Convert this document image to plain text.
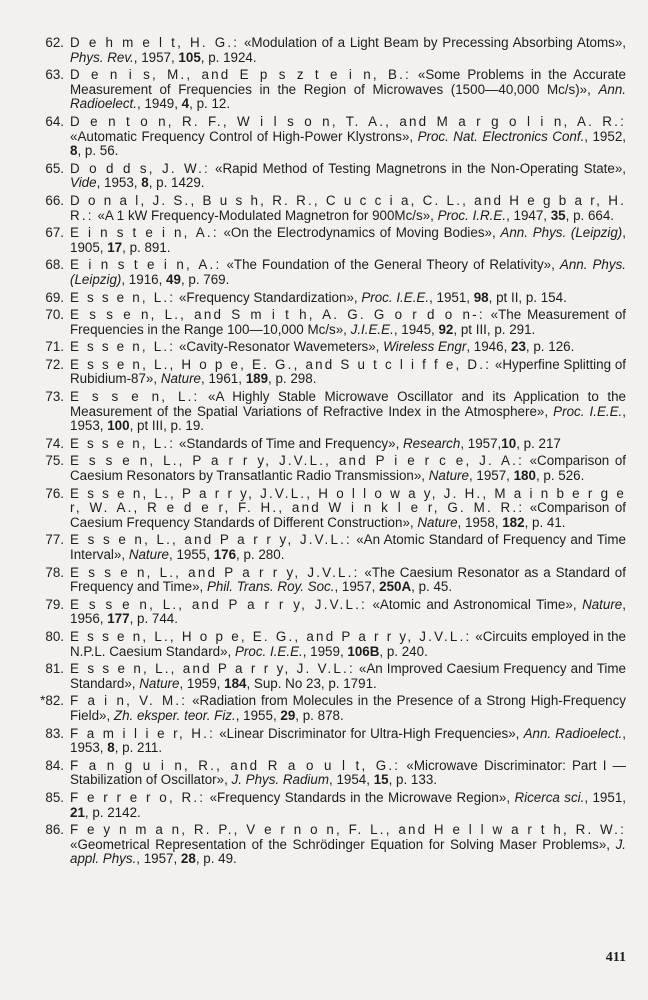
62. D e h m e l t, H. G.: «Modulation of a Light Beam by Precessing Absorbing Atoms», Phys. Rev., 1957, 105, p. 1924.
63. D e n i s, M., and E p s z t e i n, B.: «Some Problems in the Accurate Measurement of Frequencies in the Region of Microwaves (1500—40,000 Mc/s)», Ann. Radioelect., 1949, 4, p. 12.
64. D e n t o n, R. F., W i l s o n, T. A., and M a r g o l i n, A. R.: «Automatic Frequency Control of High-Power Klystrons», Proc. Nat. Electronics Conf., 1952, 8, p. 56.
65. D o d d s, J. W.: «Rapid Method of Testing Magnetrons in the Non-Operating State», Vide, 1953, 8, p. 1429.
66. D o n a l, J. S., B u s h, R. R., C u c c i a, C. L., and H e g b a r, H. R.: «A 1 kW Frequency-Modulated Magnetron for 900Mc/s», Proc. I.R.E., 1947, 35, p. 664.
67. E i n s t e i n, A.: «On the Electrodynamics of Moving Bodies», Ann. Phys. (Leipzig), 1905, 17, p. 891.
68. E i n s t e i n, A.: «The Foundation of the General Theory of Relativity», Ann. Phys. (Leipzig), 1916, 49, p. 769.
69. E s s e n, L.: «Frequency Standardization», Proc. I.E.E., 1951, 98, pt II, p. 154.
70. E s s e n, L., and S m i t h, A. G. G o r d o n-: «The Measurement of Frequencies in the Range 100—10,000 Mc/s», J.I.E.E., 1945, 92, pt III, p. 291.
71. E s s e n, L.: «Cavity-Resonator Wavemeters», Wireless Engr, 1946, 23, p. 126.
72. E s s e n, L., H o p e, E. G., and S u t c l i f f e, D.: «Hyperfine Splitting of Rubidium-87», Nature, 1961, 189, p. 298.
73. E s s e n, L.: «A Highly Stable Microwave Oscillator and its Application to the Measurement of the Spatial Variations of Refractive Index in the Atmosphere», Proc. I.E.E., 1953, 100, pt III, p. 19.
74. E s s e n, L.: «Standards of Time and Frequency», Research, 1957,10, p. 217
75. E s s e n, L., P a r r y, J.V.L., and P i e r c e, J. A.: «Comparison of Caesium Resonators by Transatlantic Radio Transmission», Nature, 1957, 180, p. 526.
76. E s s e n, L., P a r r y, J.V.L., H o l l o w a y, J. H., M a i n b e r g e r, W. A., R e d e r, F. H., and W i n k l e r, G. M. R.: «Comparison of Caesium Frequency Standards of Different Construction», Nature, 1958, 182, p. 41.
77. E s s e n, L., and P a r r y, J.V.L.: «An Atomic Standard of Frequency and Time Interval», Nature, 1955, 176, p. 280.
78. E s s e n, L., and P a r r y, J.V.L.: «The Caesium Resonator as a Standard of Frequency and Time», Phil. Trans. Roy. Soc., 1957, 250A, p. 45.
79. E s s e n, L., and P a r r y, J.V.L.: «Atomic and Astronomical Time», Nature, 1956, 177, p. 744.
80. E s s e n, L., H o p e, E. G., and P a r r y, J.V.L.: «Circuits employed in the N.P.L. Caesium Standard», Proc. I.E.E., 1959, 106B, p. 240.
81. E s s e n, L., and P a r r y, J. V.L.: «An Improved Caesium Frequency and Time Standard», Nature, 1959, 184, Sup. No 23, p. 1791.
*82. F a i n, V. M.: «Radiation from Molecules in the Presence of a Strong High-Frequency Field», Zh. eksper. teor. Fiz., 1955, 29, p. 878.
83. F a m i l i e r, H.: «Linear Discriminator for Ultra-High Frequencies», Ann. Radioelect., 1953, 8, p. 211.
84. F a n g u i n, R., and R a o u l t, G.: «Microwave Discriminator: Part I — Stabilization of Oscillator», J. Phys. Radium, 1954, 15, p. 133.
85. F e r r e r o, R.: «Frequency Standards in the Microwave Region», Ricerca sci., 1951, 21, p. 2142.
86. F e y n m a n, R. P., V e r n o n, F. L., and H e l l w a r t h, R. W.: «Geometrical Representation of the Schrödinger Equation for Solving Maser Problems», J. appl. Phys., 1957, 28, p. 49.
411
